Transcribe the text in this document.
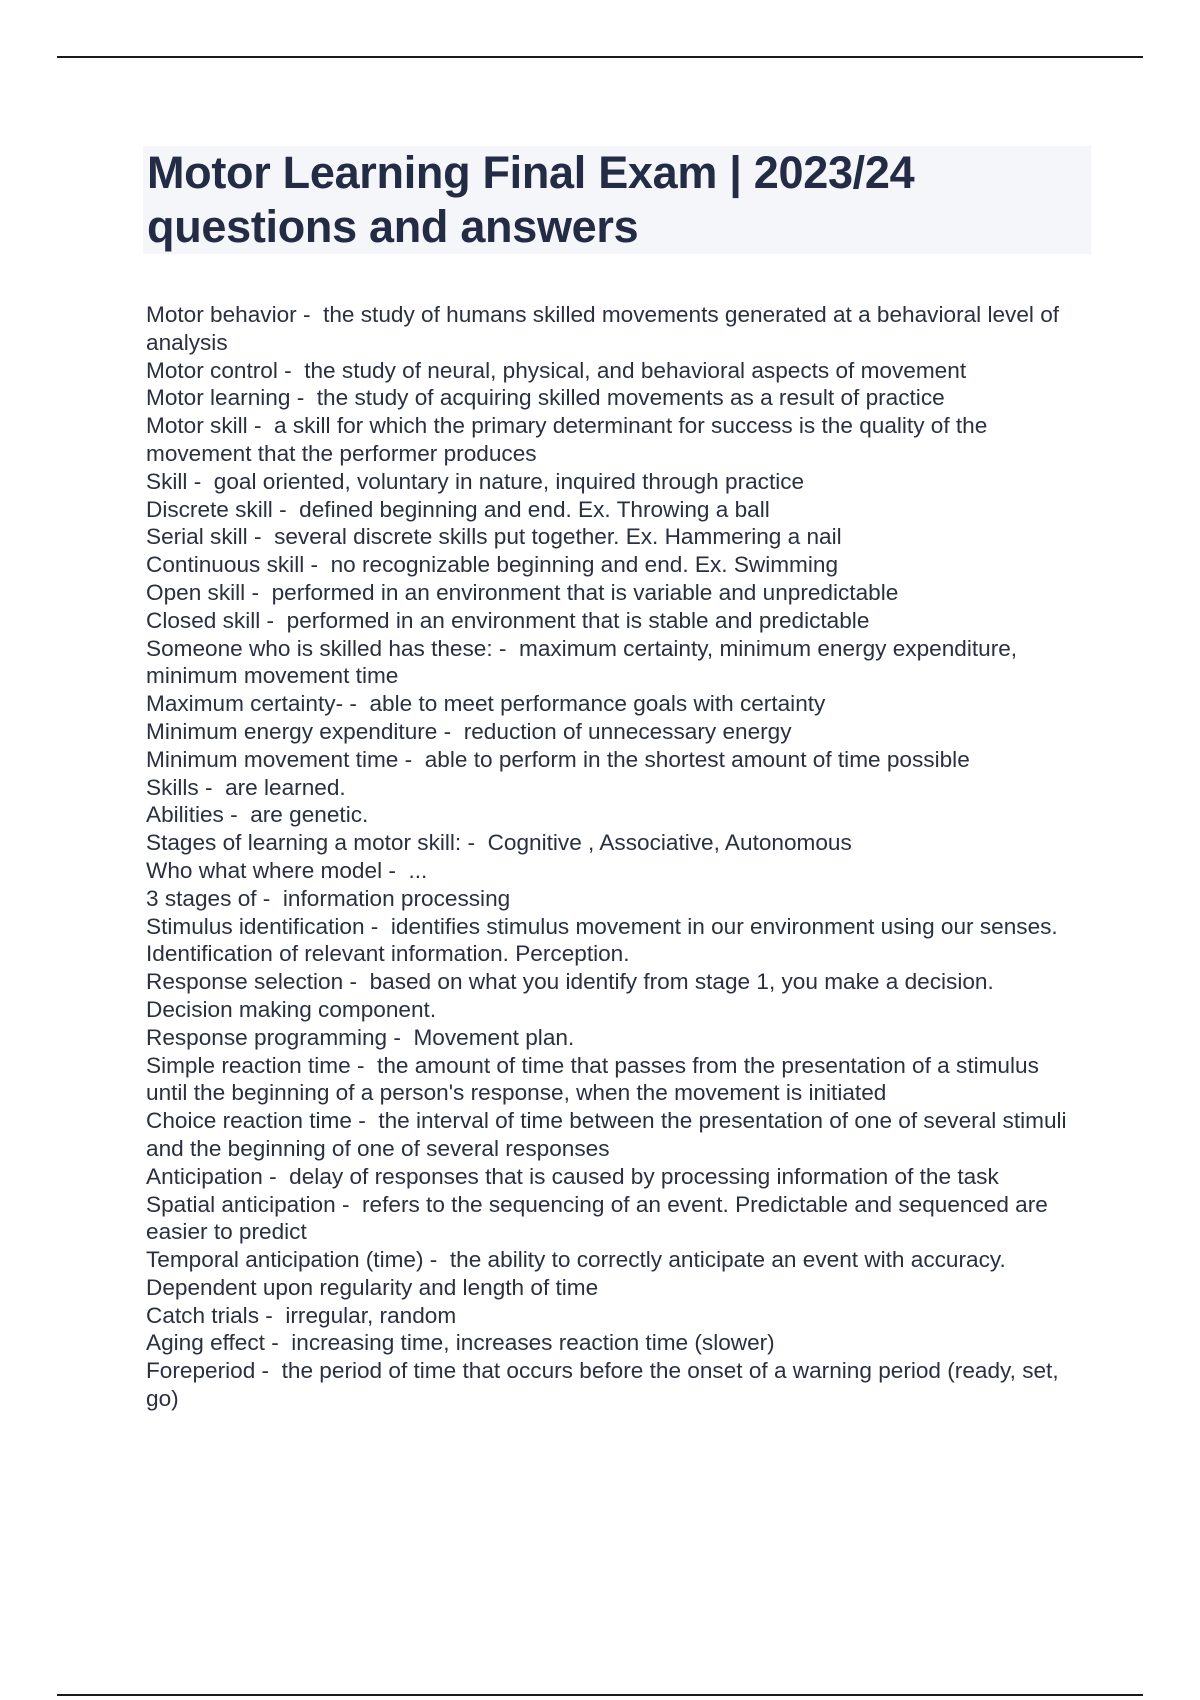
Motor Learning Final Exam | 2023/24 questions and answers
Motor behavior -  the study of humans skilled movements generated at a behavioral level of analysis
Motor control -  the study of neural, physical, and behavioral aspects of movement
Motor learning -  the study of acquiring skilled movements as a result of practice
Motor skill -  a skill for which the primary determinant for success is the quality of the movement that the performer produces
Skill -  goal oriented, voluntary in nature, inquired through practice
Discrete skill -  defined beginning and end. Ex. Throwing a ball
Serial skill -  several discrete skills put together. Ex. Hammering a nail
Continuous skill -  no recognizable beginning and end. Ex. Swimming
Open skill -  performed in an environment that is variable and unpredictable
Closed skill -  performed in an environment that is stable and predictable
Someone who is skilled has these: -  maximum certainty, minimum energy expenditure, minimum movement time
Maximum certainty- -  able to meet performance goals with certainty
Minimum energy expenditure -  reduction of unnecessary energy
Minimum movement time -  able to perform in the shortest amount of time possible
Skills -  are learned.
Abilities -  are genetic.
Stages of learning a motor skill: -  Cognitive , Associative, Autonomous
Who what where model -  ...
3 stages of -  information processing
Stimulus identification -  identifies stimulus movement in our environment using our senses. Identification of relevant information. Perception.
Response selection -  based on what you identify from stage 1, you make a decision. Decision making component.
Response programming -  Movement plan.
Simple reaction time -  the amount of time that passes from the presentation of a stimulus until the beginning of a person's response, when the movement is initiated
Choice reaction time -  the interval of time between the presentation of one of several stimuli and the beginning of one of several responses
Anticipation -  delay of responses that is caused by processing information of the task
Spatial anticipation -  refers to the sequencing of an event. Predictable and sequenced are easier to predict
Temporal anticipation (time) -  the ability to correctly anticipate an event with accuracy. Dependent upon regularity and length of time
Catch trials -  irregular, random
Aging effect -  increasing time, increases reaction time (slower)
Foreperiod -  the period of time that occurs before the onset of a warning period (ready, set, go)
